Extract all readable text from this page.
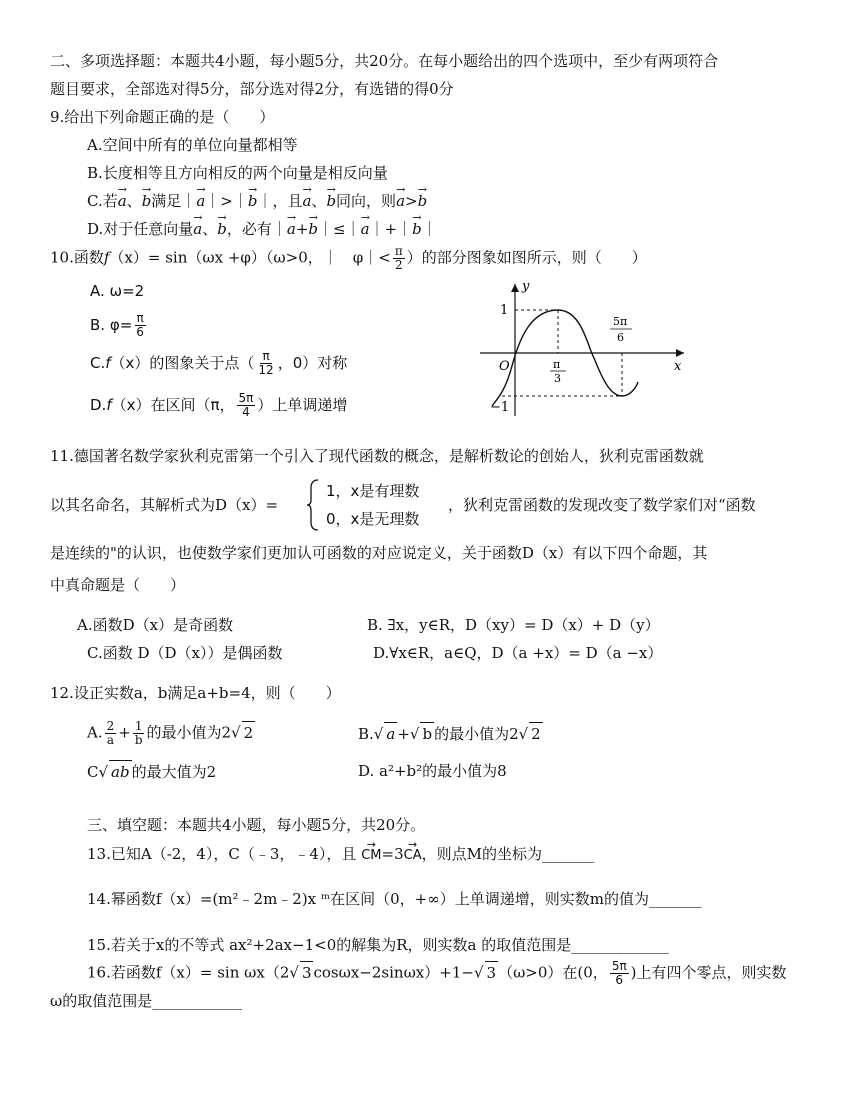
二、多项选择题：本题共4小题，每小题5分，共20分。在每小题给出的四个选项中，至少有两项符合
题目要求，全部选对得5分，部分选对得2分，有选错的得0分
9.给出下列命题正确的是（　　）
A.空间中所有的单位向量都相等
B.长度相等且方向相反的两个向量是相反向量
C.若→ a、→ b满足｜→ a｜>｜→ b｜，且→ a、→ b同向，则→ a>→ b
D.对于任意向量→ a、→ b，必有｜→ a+→ b｜≤｜→ a｜+｜→ b｜
10.函数f（x）= sin（ωx +φ）（ω>0，｜　φ｜< $\frac{\pi}{2}$ ）的部分图象如图所示，则（　　）
A. ω=2
B. $\varphi= \frac{\pi}{6}$
C.f（x）的图象关于点（ $\frac{\pi}{12}$ ，0）对称
D.f（x）在区间（π， $\frac{5\pi}{4}$ ）上单调递增
y
x
O
1
−1
π
3
5π
6
11.德国著名数学家狄利克雷第一个引入了现代函数的概念，是解析数论的创始人，狄利克雷函数就
以其名命名，其解析式为D（x）=
1，x是有理数
0，x是无理数
，狄利克雷函数的发现改变了数学家们对“函数
是连续的"的认识，也使数学家们更加认可函数的对应说定义，关于函数D（x）有以下四个命题，其
中真命题是（　　）
A.函数D（x）是奇函数	B. ∃x，y∈R，D（xy）= D（x）+ D（y）
C.函数 D（D（x））是偶函数	D.∀x∈R，a∈Q，D（a +x）= D（a −x）
12.设正实数a，b满足a+b=4，则（　　）
A. $\frac{2}{a} + \frac{1}{b}$ 的最小值为2√ 2	B.√ a +√ b 的最小值为2√ 2
C√ ab 的最大值为2	D. a²+b²的最小值为8
三、填空题：本题共4小题，每小题5分，共20分。
13.已知A（-2，4），C（﹣3，﹣4），且 → CM=3→ CA，则点M的坐标为_______
14.幂函数f（x）=(m²﹣2m﹣2)x ᵐ在区间（0，+∞）上单调递增，则实数m的值为_______
15.若关于x的不等式 ax²+2ax−1<0的解集为R，则实数a 的取值范围是_____________
16.若函数f（x）= sin ωx（2√ 3 cosωx−2sinωx）+1−√ 3 （ω>0）在(0， $\frac{5\pi}{6}$ )上有四个零点，则实数
ω的取值范围是____________
